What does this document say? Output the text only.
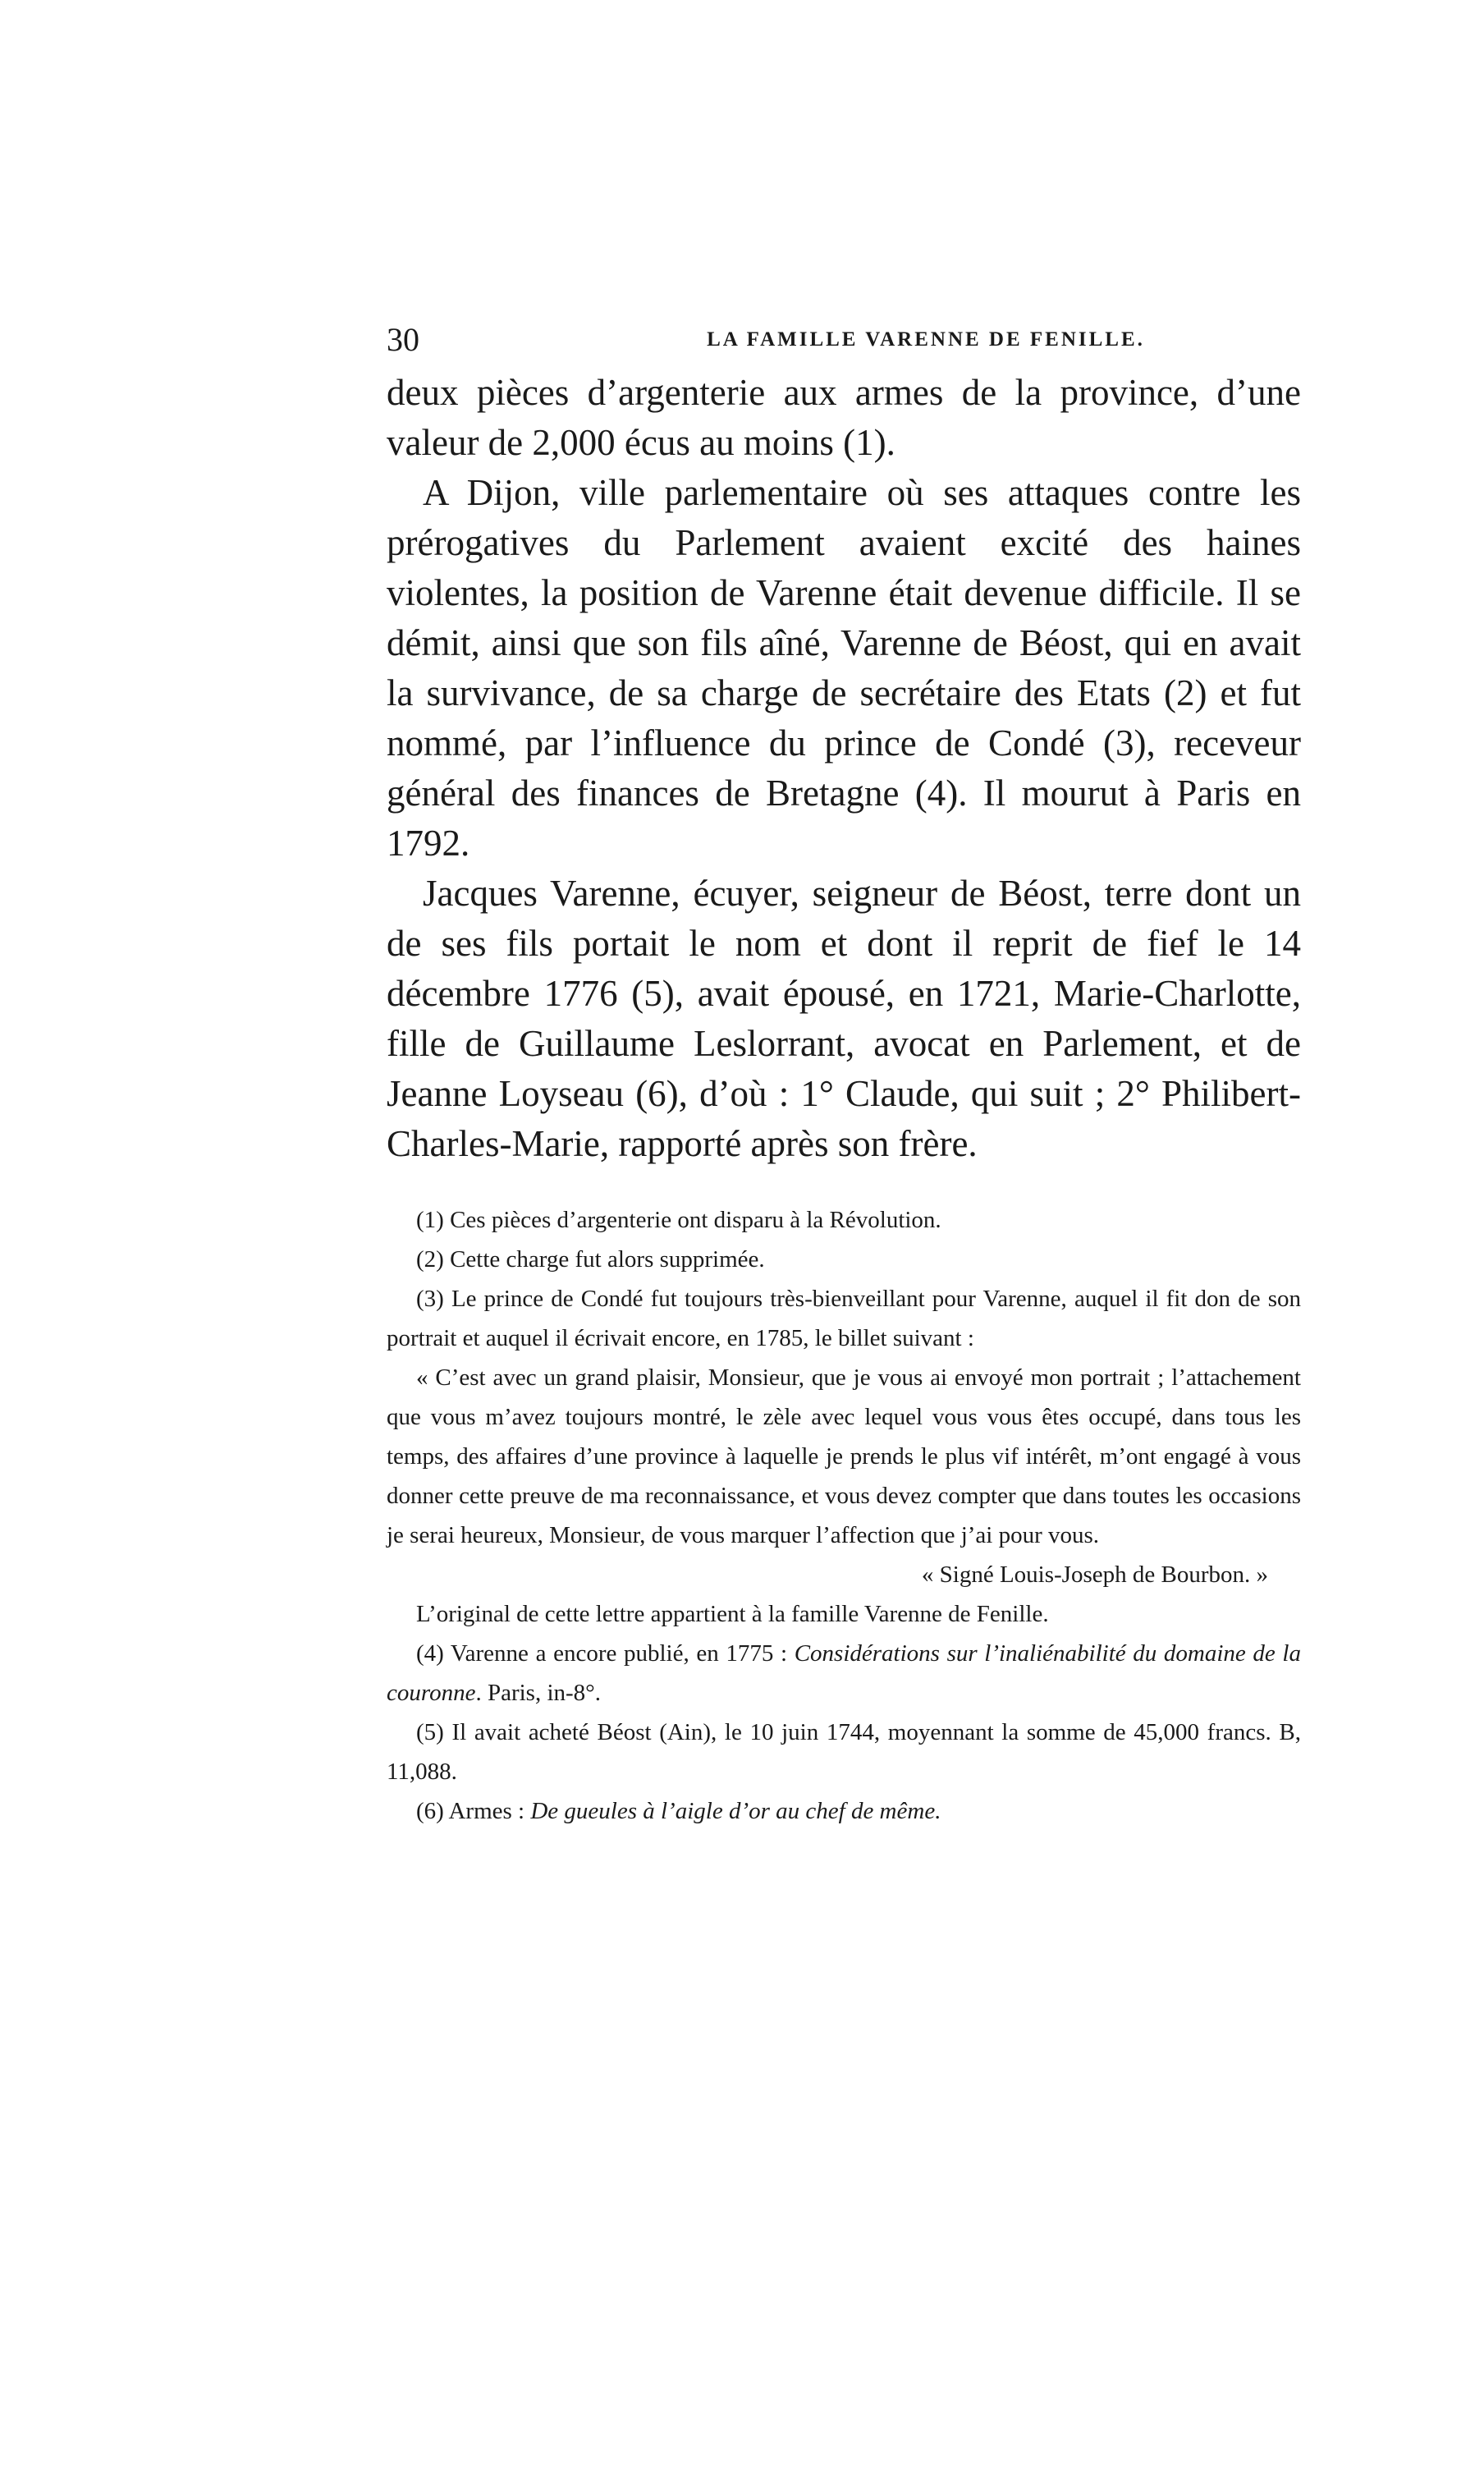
30	LA FAMILLE VARENNE DE FENILLE.

deux pièces d’argenterie aux armes de la province, d’une valeur de 2,000 écus au moins (1).

A Dijon, ville parlementaire où ses attaques contre les prérogatives du Parlement avaient excité des haines violentes, la position de Varenne était devenue difficile. Il se démit, ainsi que son fils aîné, Varenne de Béost, qui en avait la survivance, de sa charge de secrétaire des Etats (2) et fut nommé, par l’influence du prince de Condé (3), receveur général des finances de Bretagne (4). Il mourut à Paris en 1792.

Jacques Varenne, écuyer, seigneur de Béost, terre dont un de ses fils portait le nom et dont il reprit de fief le 14 décembre 1776 (5), avait épousé, en 1721, Marie-Charlotte, fille de Guillaume Leslorrant, avocat en Parlement, et de Jeanne Loyseau (6), d’où : 1° Claude, qui suit ; 2° Philibert-Charles-Marie, rapporté après son frère.

(1) Ces pièces d’argenterie ont disparu à la Révolution.

(2) Cette charge fut alors supprimée.

(3) Le prince de Condé fut toujours très-bienveillant pour Varenne, auquel il fit don de son portrait et auquel il écrivait encore, en 1785, le billet suivant :

« C’est avec un grand plaisir, Monsieur, que je vous ai envoyé mon portrait ; l’attachement que vous m’avez toujours montré, le zèle avec lequel vous vous êtes occupé, dans tous les temps, des affaires d’une province à laquelle je prends le plus vif intérêt, m’ont engagé à vous donner cette preuve de ma reconnaissance, et vous devez compter que dans toutes les occasions je serai heureux, Monsieur, de vous marquer l’affection que j’ai pour vous.

« Signé Louis-Joseph de Bourbon. »

L’original de cette lettre appartient à la famille Varenne de Fenille.

(4) Varenne a encore publié, en 1775 : Considérations sur l’inaliénabilité du domaine de la couronne. Paris, in-8°.

(5) Il avait acheté Béost (Ain), le 10 juin 1744, moyennant la somme de 45,000 francs. B, 11,088.

(6) Armes : De gueules à l’aigle d’or au chef de même.
